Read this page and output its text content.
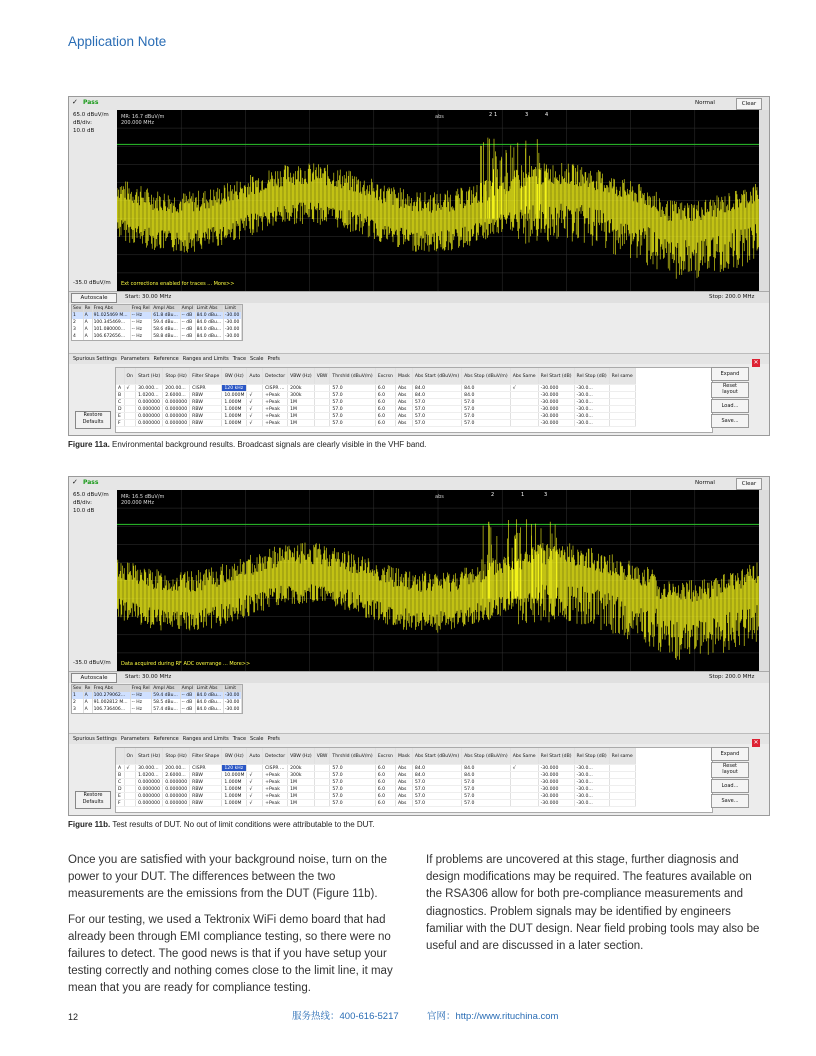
Application Note
✓ Pass	Normal	Clear
65.0 dBuV/m
dB/div:
10.0 dB
-35.0 dBuV/m
MR: 16.7 dBuV/m
200.000 MHz
abs
Ext corrections enabled for traces ... More>>
2 1	3	4
Autoscale	Start: 30.00 MHz	Stop: 200.0 MHz
Sev	Re	Freq Abs	Freq Rel	Ampl Abs	Ampl	Limit Abs	Limit
1	A	91.025469 M...	-- Hz	61.8 dBu...	-- dB	84.0 dBu...	-30.00
2	A	100.345469...	-- Hz	59.4 dBu...	-- dB	84.0 dBu...	-30.00
3	A	101.080000...	-- Hz	58.6 dBu...	-- dB	84.0 dBu...	-30.00
4	A	106.672656...	-- Hz	58.8 dBu...	-- dB	84.0 dBu...	-30.00
Spurious Settings Parameters Reference Ranges and Limits Trace Scale Prefs	✕
	On	Start (Hz)	Stop (Hz)	Filter Shape	BW (Hz)	Auto	Detector	VBW (Hz)	VBW	Thrshld (dBuV/m)	Excrsn	Mask	Abs Start (dBuV/m)	Abs Stop (dBuV/m)	Abs Same	Rel Start (dB)	Rel Stop (dB)	Rel same
A	√	30.000...	200.00...	CISPR	120 kHz		CISPR ...	200k		57.0	6.0	Abs	84.0	84.0	√	-30.000	-30.0...	
B		1.0200...	2.6000...	RBW	10.000M	√	+Peak	300k		57.0	6.0	Abs	84.0	84.0		-30.000	-30.0...	
C		0.000000	0.000000	RBW	1.000M	√	+Peak	1M		57.0	6.0	Abs	57.0	57.0		-30.000	-30.0...	
D		0.000000	0.000000	RBW	1.000M	√	+Peak	1M		57.0	6.0	Abs	57.0	57.0		-30.000	-30.0...	
E		0.000000	0.000000	RBW	1.000M	√	+Peak	1M		57.0	6.0	Abs	57.0	57.0		-30.000	-30.0...	
F		0.000000	0.000000	RBW	1.000M	√	+Peak	1M		57.0	6.0	Abs	57.0	57.0		-30.000	-30.0...	
Restore
Defaults
Expand
Reset
layout
Load...
Save...
Figure 11a. Environmental background results. Broadcast signals are clearly visible in the VHF band.
✓ Pass	Normal	Clear
65.0 dBuV/m
dB/div:
10.0 dB
-35.0 dBuV/m
MR: 16.5 dBuV/m
200.000 MHz
abs
Data acquired during RF ADC overrange ... More>>
2	1	3
Autoscale	Start: 30.00 MHz	Stop: 200.0 MHz
Sev	Re	Freq Abs	Freq Rel	Ampl Abs	Ampl	Limit Abs	Limit
1	A	100.279062...	-- Hz	59.4 dBu...	-- dB	84.0 dBu...	-30.00
2	A	91.002812 M...	-- Hz	58.5 dBu...	-- dB	84.0 dBu...	-30.00
3	A	106.736406...	-- Hz	57.4 dBu...	-- dB	84.0 dBu...	-30.00
Spurious Settings Parameters Reference Ranges and Limits Trace Scale Prefs	✕
	On	Start (Hz)	Stop (Hz)	Filter Shape	BW (Hz)	Auto	Detector	VBW (Hz)	VBW	Thrshld (dBuV/m)	Excrsn	Mask	Abs Start (dBuV/m)	Abs Stop (dBuV/m)	Abs Same	Rel Start (dB)	Rel Stop (dB)	Rel same
A	√	30.000...	200.00...	CISPR	120 kHz		CISPR ...	200k		57.0	6.0	Abs	84.0	84.0	√	-30.000	-30.0...	
B		1.0200...	2.6000...	RBW	10.000M	√	+Peak	300k		57.0	6.0	Abs	84.0	84.0		-30.000	-30.0...	
C		0.000000	0.000000	RBW	1.000M	√	+Peak	1M		57.0	6.0	Abs	57.0	57.0		-30.000	-30.0...	
D		0.000000	0.000000	RBW	1.000M	√	+Peak	1M		57.0	6.0	Abs	57.0	57.0		-30.000	-30.0...	
E		0.000000	0.000000	RBW	1.000M	√	+Peak	1M		57.0	6.0	Abs	57.0	57.0		-30.000	-30.0...	
F		0.000000	0.000000	RBW	1.000M	√	+Peak	1M		57.0	6.0	Abs	57.0	57.0		-30.000	-30.0...	
Restore
Defaults
Expand
Reset
layout
Load...
Save...
Figure 11b. Test results of DUT. No out of limit conditions were attributable to the DUT.

Once you are satisfied with your background noise, turn on the power to your DUT. The differences between the two measurements are the emissions from the DUT (Figure 11b).

For our testing, we used a Tektronix WiFi demo board that had already been through EMI compliance testing, so there were no failures to detect. The good news is that if you have setup your testing correctly and nothing comes close to the limit line, it may mean that you are ready for compliance testing.

If problems are uncovered at this stage, further diagnosis and design modifications may be required. The features available on the RSA306 allow for both pre-compliance measurements and diagnostics. Problem signals may be identified by engineers familiar with the DUT design. Near field probing tools may also be useful and are discussed in a later section.

12	服务热线：400-616-5217	官网：http://www.rituchina.com
